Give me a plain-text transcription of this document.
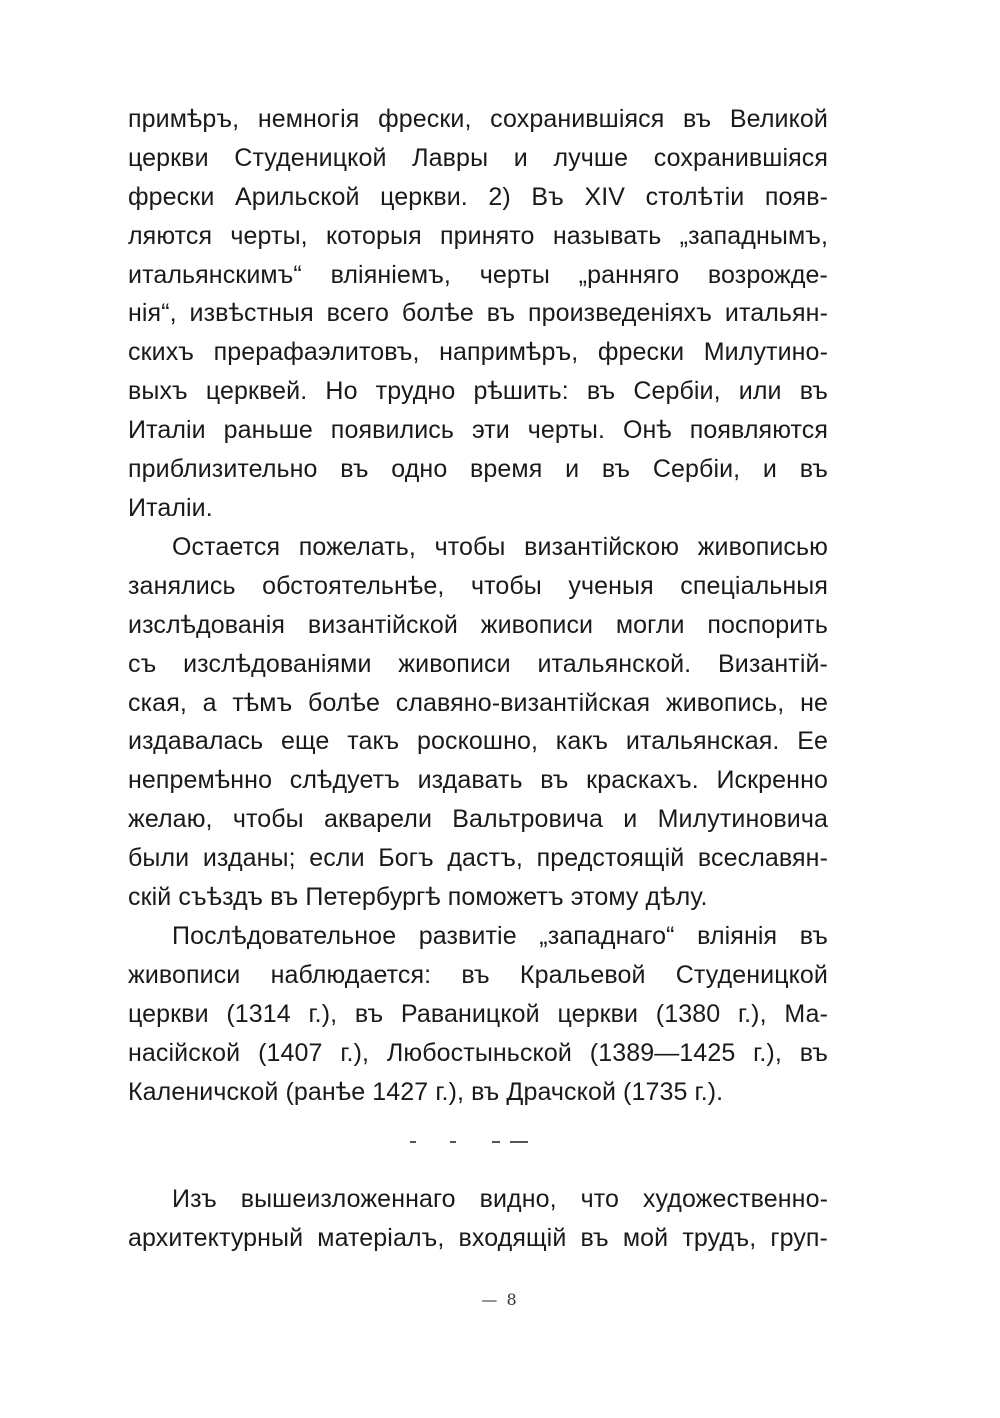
примѣръ, немногія фрески, сохранившіяся въ Великой
церкви Студеницкой Лавры и лучше сохранившіяся
фрески Арильской церкви. 2) Въ XIV столѣтіи появ-
ляются черты, которыя принято называть „западнымъ,
итальянскимъ“ вліяніемъ, черты „ранняго возрожде-
нія“, извѣстныя всего болѣе въ произведеніяхъ итальян-
скихъ прерафаэлитовъ, напримѣръ, фрески Милутино-
выхъ церквей. Но трудно рѣшить: въ Сербіи, или въ
Италіи раньше появились эти черты. Онѣ появляются
приблизительно въ одно время и въ Сербіи, и въ
Италіи.
Остается пожелать, чтобы византійскою живописью
занялись обстоятельнѣе, чтобы ученыя спеціальныя
изслѣдованія византійской живописи могли поспорить
съ изслѣдованіями живописи итальянской. Византій-
ская, а тѣмъ болѣе славяно-византійская живопись, не
издавалась еще такъ роскошно, какъ итальянская. Ее
непремѣнно слѣдуетъ издавать въ краскахъ. Искренно
желаю, чтобы акварели Вальтровича и Милутиновича
были изданы; если Богъ дастъ, предстоящій всеславян-
скій съѣздъ въ Петербургѣ поможетъ этому дѣлу.
Послѣдовательное развитіе „западнаго“ вліянія въ
живописи наблюдается: въ Кральевой Студеницкой
церкви (1314 г.), въ Раваницкой церкви (1380 г.), Ма-
насійской (1407 г.), Любостыньской (1389—1425 г.), въ
Каленичской (ранѣе 1427 г.), въ Драчской (1735 г.).
Изъ вышеизложеннаго видно, что художественно-
архитектурный матеріалъ, входящій въ мой трудъ, груп-
— 8
